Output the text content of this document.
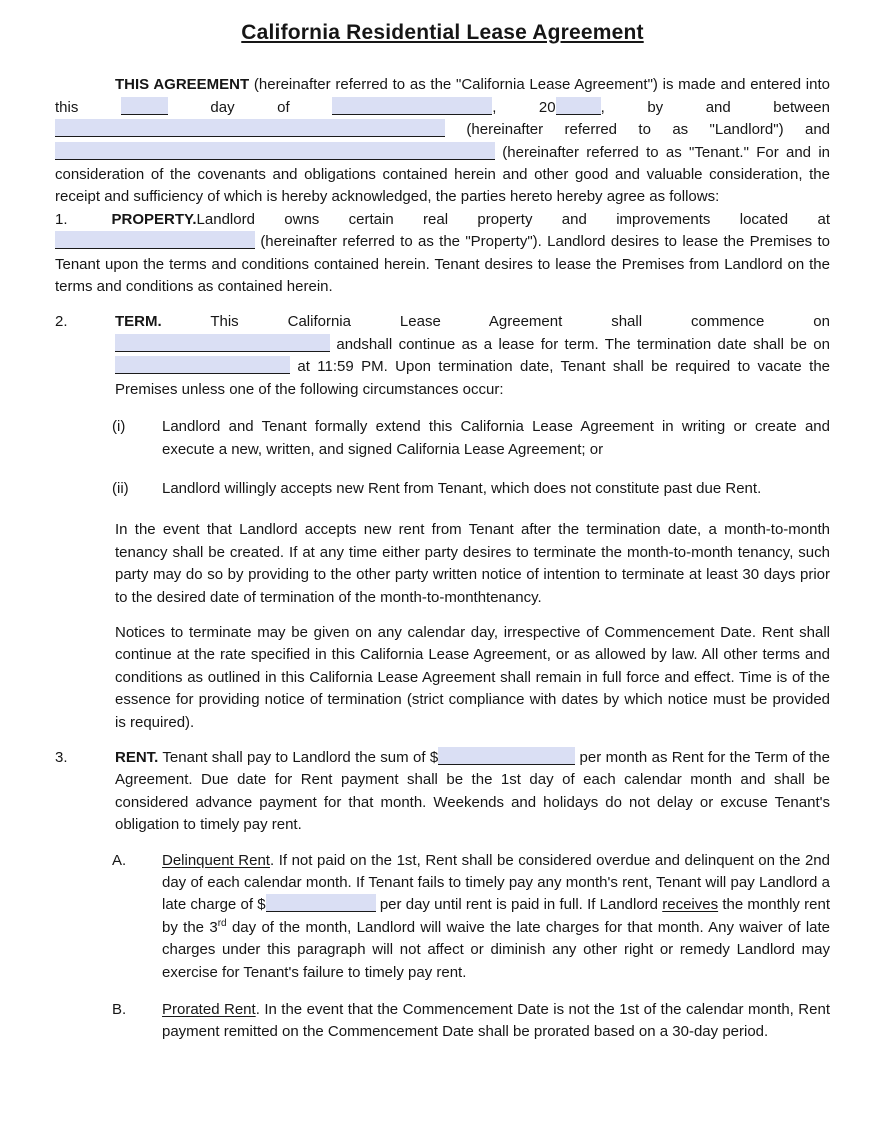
California Residential Lease Agreement

THIS AGREEMENT (hereinafter referred to as the "California Lease Agreement") is made and entered into this	day of	, 20	, by and between  (hereinafter referred to as "Landlord") and  (hereinafter referred to as "Tenant." For and in consideration of the covenants and obligations contained herein and other good and valuable consideration, the receipt and sufficiency of which is hereby acknowledged, the parties hereto hereby agree as follows:

1.	PROPERTY.Landlord owns certain real property and improvements located at  (hereinafter referred to as the "Property"). Landlord desires to lease the Premises to Tenant upon the terms and conditions contained herein. Tenant desires to lease the Premises from Landlord on the terms and conditions as contained herein.

2.	TERM.	This California Lease Agreement shall commence on
andshall continue as a lease for term. The termination date shall be on  at 11:59 PM. Upon termination date, Tenant shall be required to vacate the Premises unless one of the following circumstances occur:
(i) Landlord and Tenant formally extend this California Lease Agreement in writing or create and execute a new, written, and signed California Lease Agreement; or
(ii) Landlord willingly accepts new Rent from Tenant, which does not constitute past due Rent.

In the event that Landlord accepts new rent from Tenant after the termination date, a month-to-month tenancy shall be created. If at any time either party desires to terminate the month-to-month tenancy, such party may do so by providing to the other party written notice of intention to terminate at least 30 days prior to the desired date of termination of the month-to-monthtenancy.

Notices to terminate may be given on any calendar day, irrespective of Commencement Date. Rent shall continue at the rate specified in this California Lease Agreement, or as allowed by law. All other terms and conditions as outlined in this California Lease Agreement shall remain in full force and effect. Time is of the essence for providing notice of termination (strict compliance with dates by which notice must be provided is required).

3.	RENT. Tenant shall pay to Landlord the sum of $	per month as Rent for the Term of the Agreement. Due date for Rent payment shall be the 1st day of each calendar month and shall be considered advance payment for that month. Weekends and holidays do not delay or excuse Tenant's obligation to timely pay rent.
A. Delinquent Rent. If not paid on the 1st, Rent shall be considered overdue and delinquent on the 2nd day of each calendar month. If Tenant fails to timely pay any month's rent, Tenant will pay Landlord a late charge of $	per day until rent is paid in full. If Landlord receives the monthly rent by the 3rd day of the month, Landlord will waive the late charges for that month. Any waiver of late charges under this paragraph will not affect or diminish any other right or remedy Landlord may exercise for Tenant's failure to timely pay rent.
B. Prorated Rent. In the event that the Commencement Date is not the 1st of the calendar month, Rent payment remitted on the Commencement Date shall be prorated based on a 30-day period.
